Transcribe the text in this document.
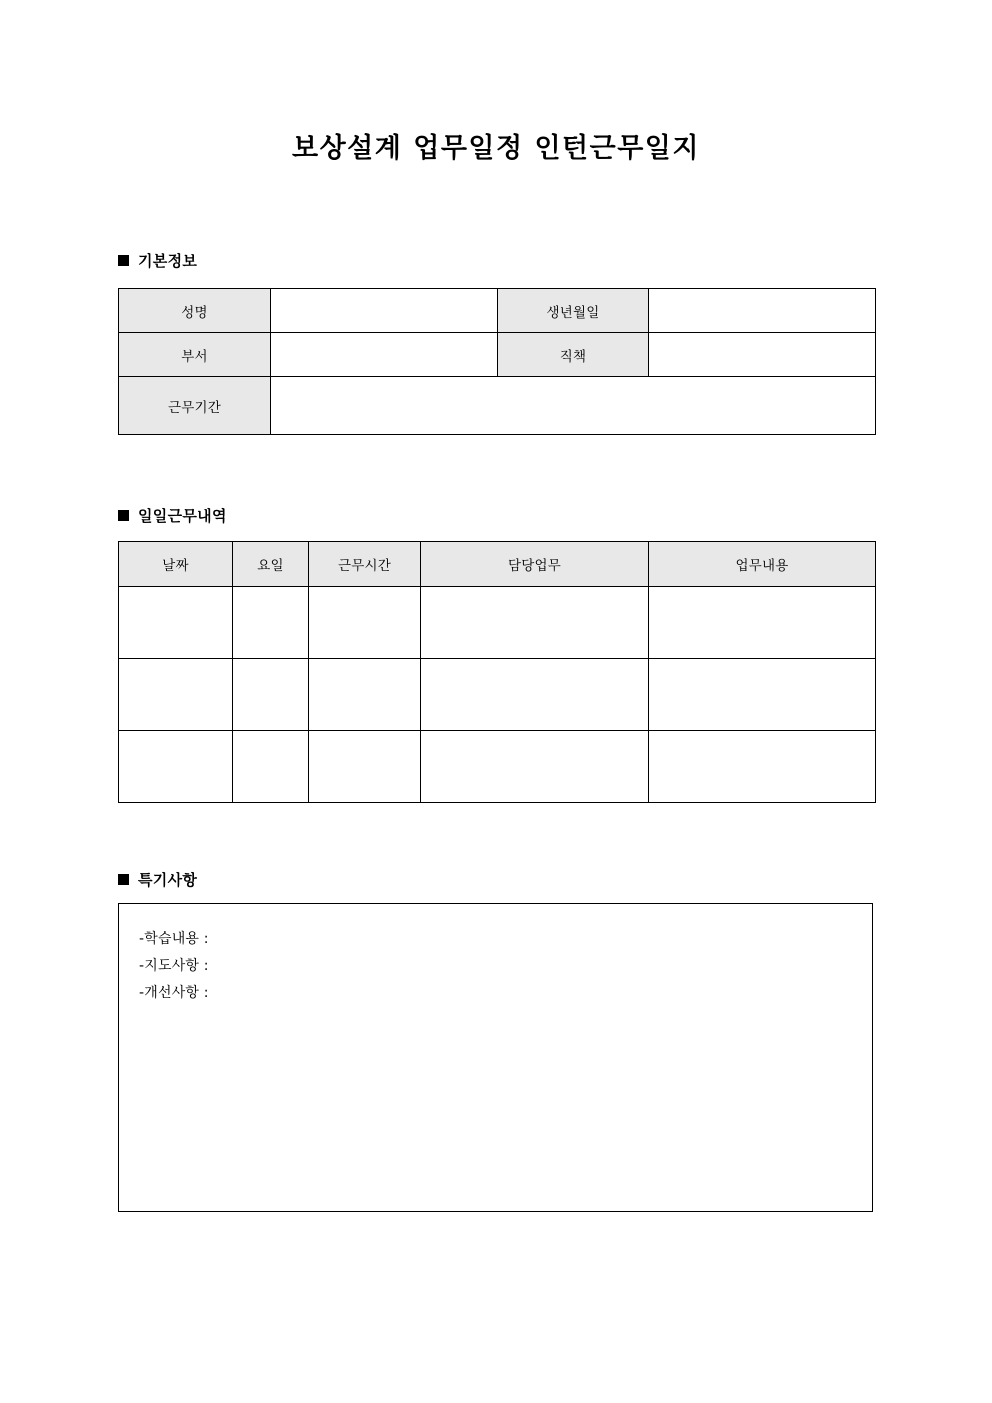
보상설계 업무일정 인턴근무일지
기본정보
성명		생년월일	
부서		직책	
근무기간			
일일근무내역
날짜	요일	근무시간	담당업무	업무내용

특기사항
-학습내용 :
-지도사항 :
-개선사항 :
